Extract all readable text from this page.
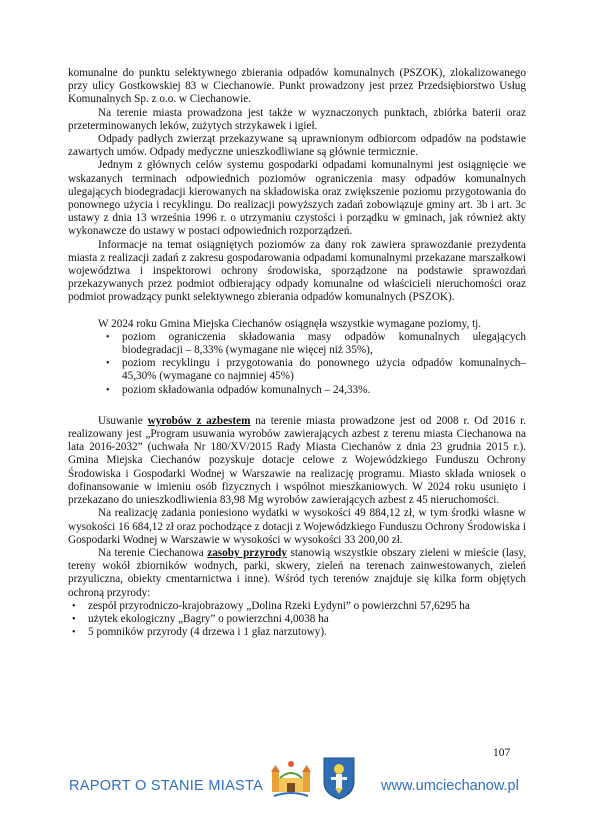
komunalne do punktu selektywnego zbierania odpadów komunalnych (PSZOK), zlokalizowanego przy ulicy Gostkowskiej 83 w Ciechanowie. Punkt prowadzony jest przez Przedsiębiorstwo Usług Komunalnych Sp. z o.o. w Ciechanowie.

Na terenie miasta prowadzona jest także w wyznaczonych punktach, zbiórka baterii oraz przeterminowanych leków, zużytych strzykawek i igieł.

Odpady padłych zwierząt przekazywane są uprawnionym odbiorcom odpadów na podstawie zawartych umów. Odpady medyczne unieszkodliwiane są głównie termicznie.

Jednym z głównych celów systemu gospodarki odpadami komunalnymi jest osiągnięcie we wskazanych terminach odpowiednich poziomów ograniczenia masy odpadów komunalnych ulegających biodegradacji kierowanych na składowiska oraz zwiększenie poziomu przygotowania do ponownego użycia i recyklingu. Do realizacji powyższych zadań zobowiązuje gminy art. 3b i art. 3c ustawy z dnia 13 września 1996 r. o utrzymaniu czystości i porządku w gminach, jak również akty wykonawcze do ustawy w postaci odpowiednich rozporządzeń.

Informacje na temat osiągniętych poziomów za dany rok zawiera sprawozdanie prezydenta miasta z realizacji zadań z zakresu gospodarowania odpadami komunalnymi przekazane marszałkowi województwa i inspektorowi ochrony środowiska, sporządzone na podstawie sprawozdań przekazywanych przez podmiot odbierający odpady komunalne od właścicieli nieruchomości oraz podmiot prowadzący punkt selektywnego zbierania odpadów komunalnych (PSZOK).

W 2024 roku Gmina Miejska Ciechanów osiągnęła wszystkie wymagane poziomy, tj.

• poziom ograniczenia składowania masy odpadów komunalnych ulegających biodegradacji – 8,33% (wymagane nie więcej niż 35%),
• poziom recyklingu i przygotowania do ponownego użycia odpadów komunalnych– 45,30% (wymagane co najmniej 45%)
• poziom składowania odpadów komunalnych – 24,33%.

Usuwanie wyrobów z azbestem na terenie miasta prowadzone jest od 2008 r. Od 2016 r. realizowany jest „Program usuwania wyrobów zawierających azbest z terenu miasta Ciechanowa na lata 2016-2032” (uchwała Nr 180/XV/2015 Rady Miasta Ciechanów z dnia 23 grudnia 2015 r.). Gmina Miejska Ciechanów pozyskuje dotacje celowe z Wojewódzkiego Funduszu Ochrony Środowiska i Gospodarki Wodnej w Warszawie na realizację programu. Miasto składa wniosek o dofinansowanie w imieniu osób fizycznych i wspólnot mieszkaniowych. W 2024 roku usunięto i przekazano do unieszkodliwienia 83,98 Mg wyrobów zawierających azbest z 45 nieruchomości.

Na realizację zadania poniesiono wydatki w wysokości 49 884,12 zł, w tym środki własne w wysokości 16 684,12 zł oraz pochodzące z dotacji z Wojewódzkiego Funduszu Ochrony Środowiska i Gospodarki Wodnej w Warszawie w wysokości w wysokości 33 200,00 zł.

Na terenie Ciechanowa zasoby przyrody stanowią wszystkie obszary zieleni w mieście (lasy, tereny wokół zbiorników wodnych, parki, skwery, zieleń na terenach zainwestowanych, zieleń przyuliczna, obiekty cmentarnictwa i inne). Wśród tych terenów znajduje się kilka form objętych ochroną przyrody:

• zespół przyrodniczo-krajobrazowy „Dolina Rzeki Łydyni” o powierzchni 57,6295 ha
• użytek ekologiczny „Bagry” o powierzchni 4,0038 ha
• 5 pomników przyrody (4 drzewa i 1 głaz narzutowy).
107
RAPORT O STANIE MIASTA	www.umciechanow.pl
